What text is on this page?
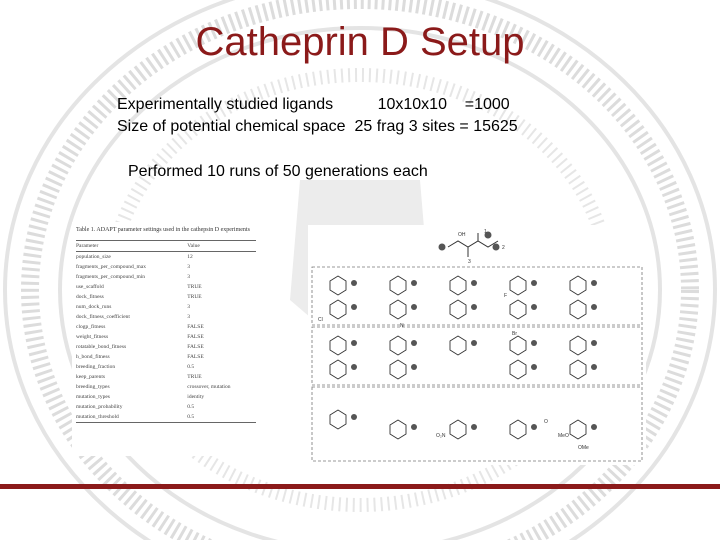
Catheprin D Setup
Experimentally studied ligands          10x10x10    =1000
Size of potential chemical space  25 frag 3 sites = 15625
Performed 10 runs of 50 generations each
Table 1. ADAPT parameter settings used in the cathepsin D experiments
Parameter	Value
population_size	12
fragments_per_compound_max	3
fragments_per_compound_min	3
use_scaffold	TRUE
dock_fitness	TRUE
num_dock_runs	3
dock_fitness_coefficient	3
clogp_fitness	FALSE
weight_fitness	FALSE
rotatable_bond_fitness	FALSE
h_bond_fitness	FALSE
breeding_fraction	0.5
keep_parents	TRUE
breeding_types	crossover, mutation
mutation_types	identity
mutation_probability	0.5
mutation_threshold	0.5
OH	1
2
3
Cl
N
F
Br
O₂N	MeO
OMe
O
